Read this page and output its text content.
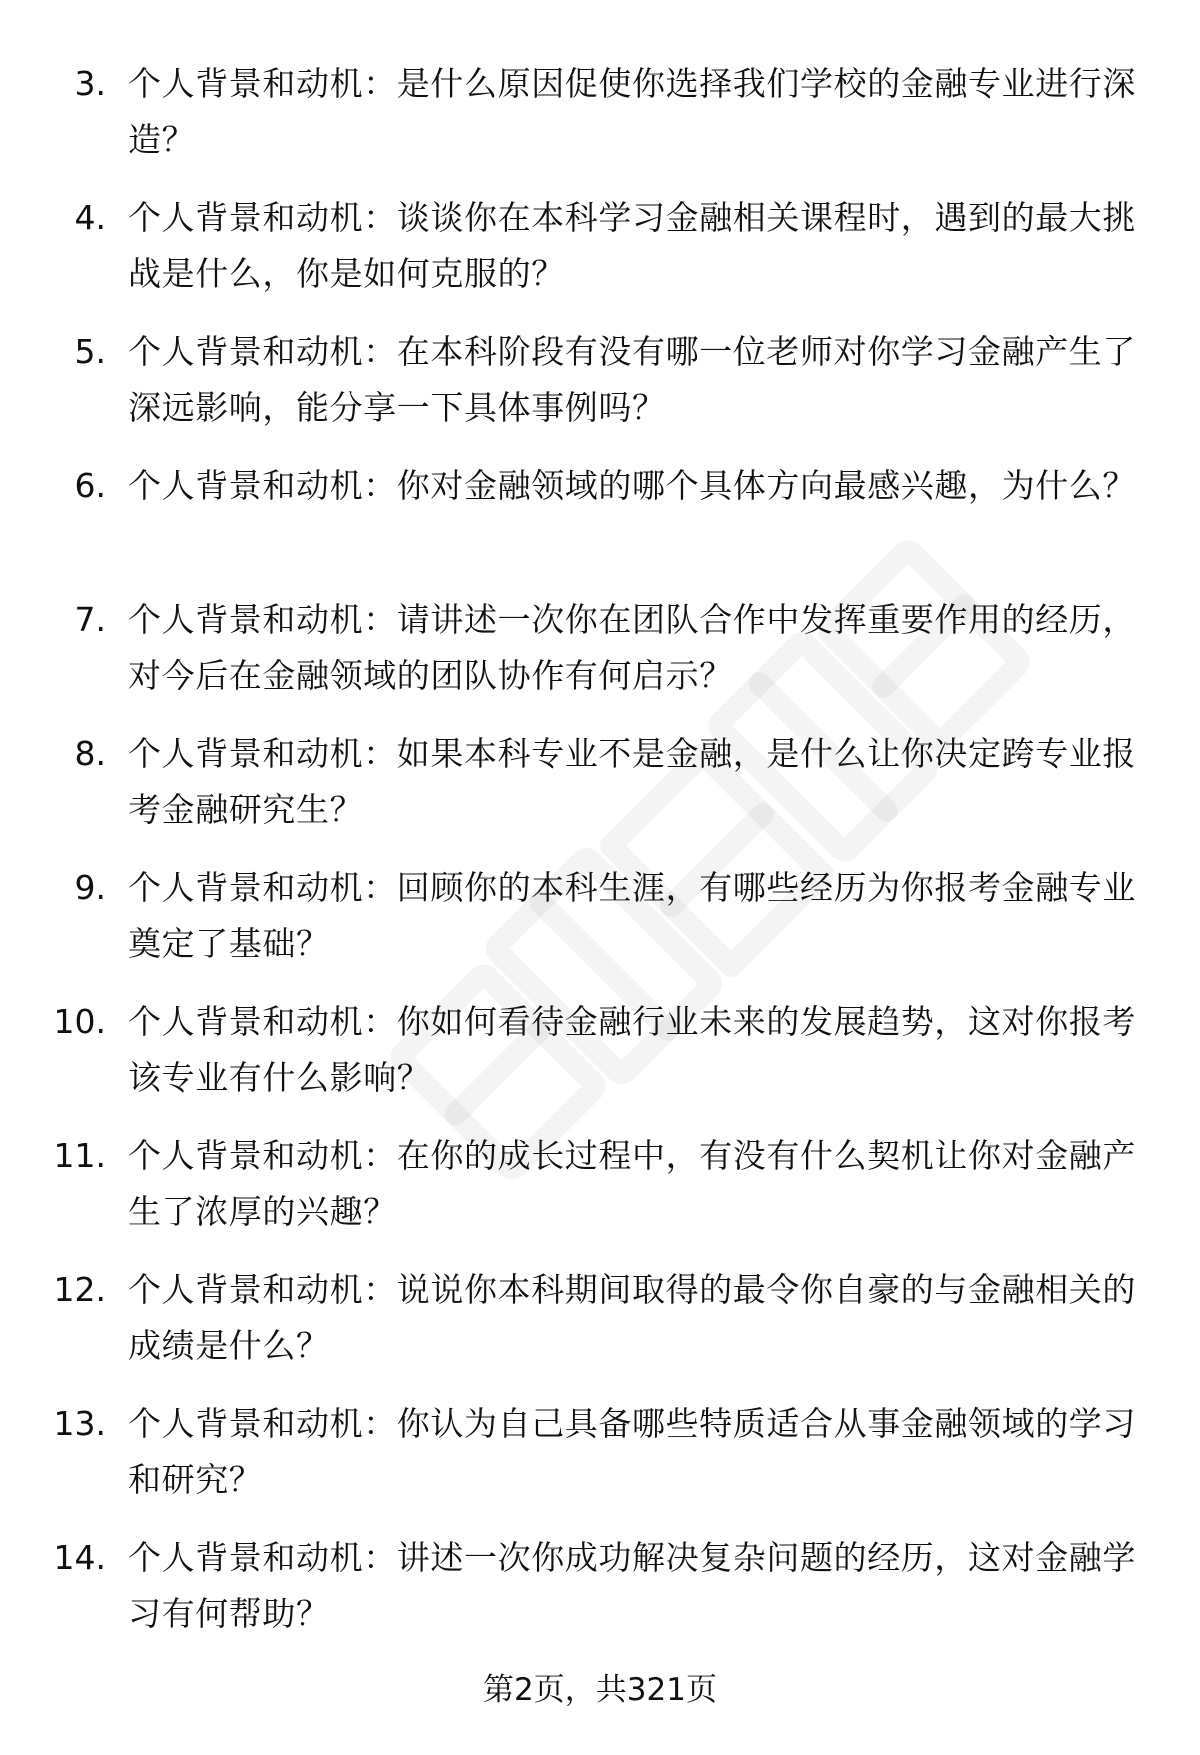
3. 个人背景和动机：是什么原因促使你选择我们学校的金融专业进行深造？
4. 个人背景和动机：谈谈你在本科学习金融相关课程时，遇到的最大挑战是什么，你是如何克服的？
5. 个人背景和动机：在本科阶段有没有哪一位老师对你学习金融产生了深远影响，能分享一下具体事例吗？
6. 个人背景和动机：你对金融领域的哪个具体方向最感兴趣，为什么？
7. 个人背景和动机：请讲述一次你在团队合作中发挥重要作用的经历，对今后在金融领域的团队协作有何启示？
8. 个人背景和动机：如果本科专业不是金融，是什么让你决定跨专业报考金融研究生？
9. 个人背景和动机：回顾你的本科生涯，有哪些经历为你报考金融专业奠定了基础？
10. 个人背景和动机：你如何看待金融行业未来的发展趋势，这对你报考该专业有什么影响？
11. 个人背景和动机：在你的成长过程中，有没有什么契机让你对金融产生了浓厚的兴趣？
12. 个人背景和动机：说说你本科期间取得的最令你自豪的与金融相关的成绩是什么？
13. 个人背景和动机：你认为自己具备哪些特质适合从事金融领域的学习和研究？
14. 个人背景和动机：讲述一次你成功解决复杂问题的经历，这对金融学习有何帮助？
第2页，共321页
